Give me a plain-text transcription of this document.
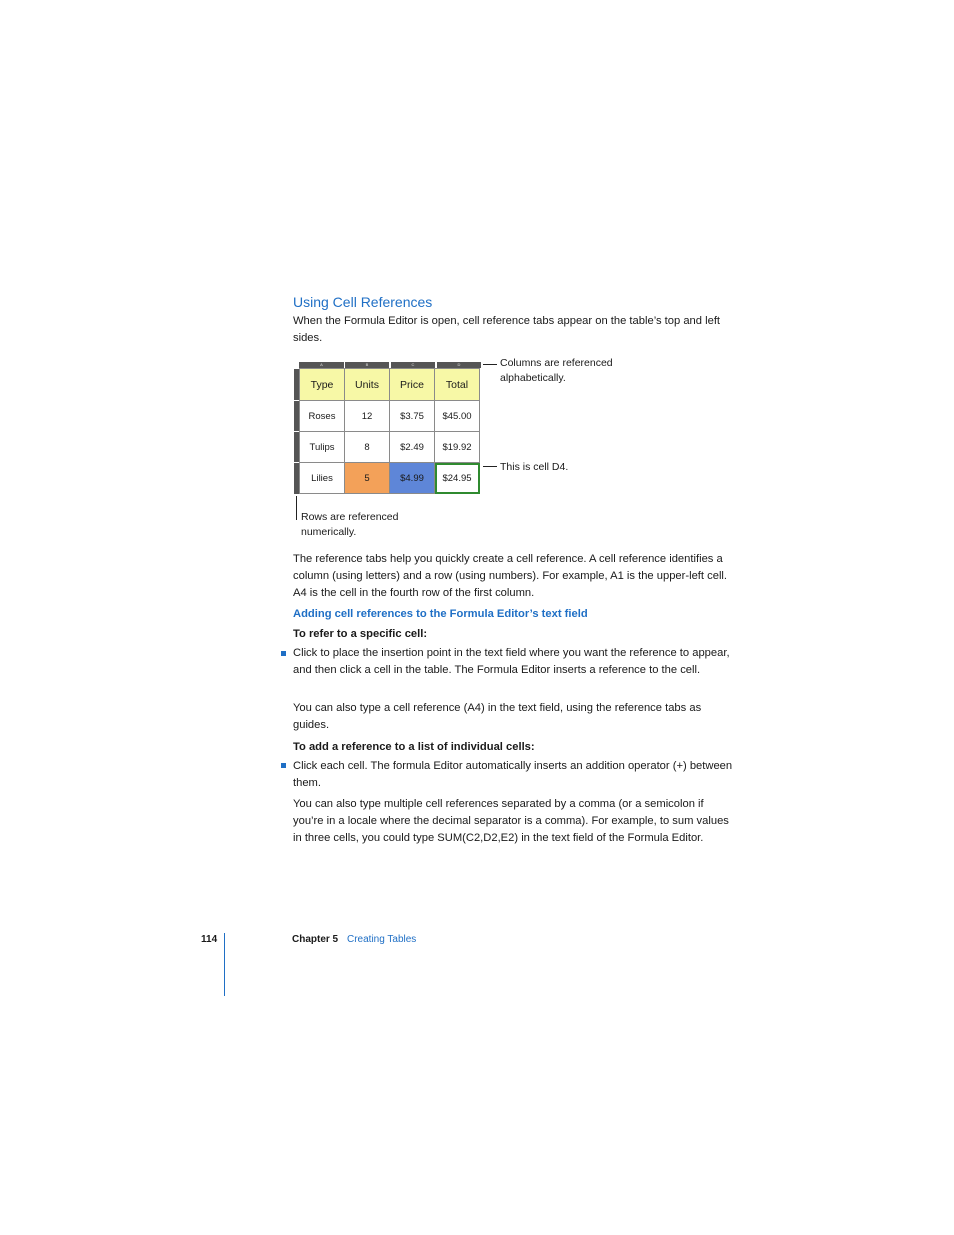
Using Cell References
When the Formula Editor is open, cell reference tabs appear on the table’s top and left sides.
A	B	C	D
Type	Units	Price	Total
Roses	12	$3.75	$45.00
Tulips	8	$2.49	$19.92
Lilies	5	$4.99	$24.95
Columns are referenced
alphabetically.
This is cell D4.
Rows are referenced
numerically.
The reference tabs help you quickly create a cell reference. A cell reference identifies a column (using letters) and a row (using numbers). For example, A1 is the upper-left cell. A4 is the cell in the fourth row of the first column.
Adding cell references to the Formula Editor’s text field
To refer to a specific cell:
Click to place the insertion point in the text field where you want the reference to appear, and then click a cell in the table. The Formula Editor inserts a reference to the cell.
You can also type a cell reference (A4) in the text field, using the reference tabs as guides.
To add a reference to a list of individual cells:
Click each cell. The formula Editor automatically inserts an addition operator (+) between them.
You can also type multiple cell references separated by a comma (or a semicolon if you’re in a locale where the decimal separator is a comma). For example, to sum values in three cells, you could type SUM(C2,D2,E2) in the text field of the Formula Editor.
114	Chapter 5 Creating Tables
